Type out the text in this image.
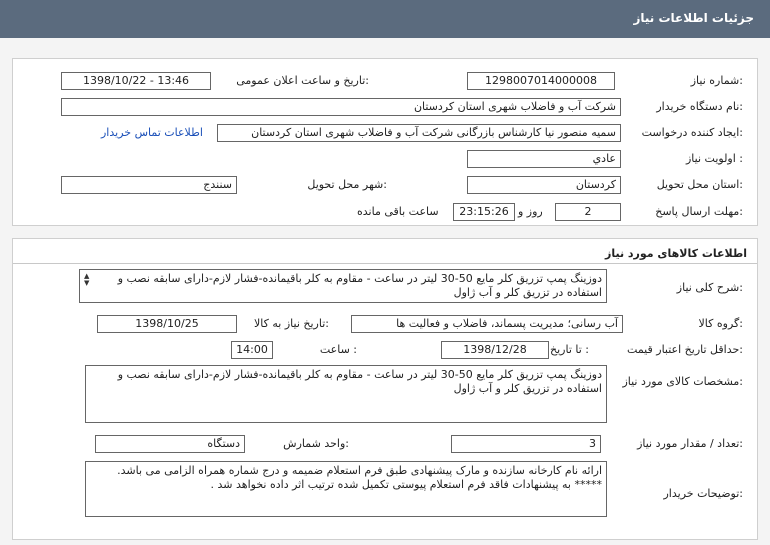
جزئیات اطلاعات نیاز
شماره نیاز:
1298007014000008
تاریخ و ساعت اعلان عمومی:
1398/10/22 - 13:46
نام دستگاه خریدار:
شرکت آب و فاضلاب شهری استان کردستان
ایجاد کننده درخواست:
سمیه منصور نیا کارشناس بازرگانی شرکت آب و فاضلاب شهری استان کردستان
اطلاعات تماس خریدار
اولویت نیاز :
عادي
استان محل تحویل:
کردستان
شهر محل تحویل:
سنندج
مهلت ارسال پاسخ:
2
روز و
23:15:26
ساعت باقی مانده
اطلاعات کالاهای مورد نیاز
شرح کلی نیاز:
▲
▼	دوزینگ پمپ تزریق کلر مایع 50-30 لیتر در ساعت - مقاوم به کلر باقیمانده-فشار لازم-دارای سابقه نصب و استفاده در تزریق کلر و آب ژاول
گروه کالا:
آب رسانی؛ مدیریت پسماند، فاضلاب و فعالیت ها
تاریخ نیاز به کالا:
1398/10/25
حداقل تاریخ اعتبار قیمت:
تا تاریخ :
1398/12/28
ساعت :
14:00
مشخصات کالای مورد نیاز:
دوزینگ پمپ تزریق کلر مایع 50-30 لیتر در ساعت - مقاوم به کلر باقیمانده-فشار لازم-دارای سابقه نصب و استفاده در تزریق کلر و آب ژاول
تعداد / مقدار مورد نیاز:
3
واحد شمارش:
دستگاه
توضیحات خریدار:
ارائه نام کارخانه سازنده و مارک پیشنهادی طبق فرم استعلام ضمیمه و درج شماره همراه الزامی می باشد.
***** به پیشنهادات فاقد فرم استعلام پیوستی تکمیل شده ترتیب اثر داده نخواهد شد .
